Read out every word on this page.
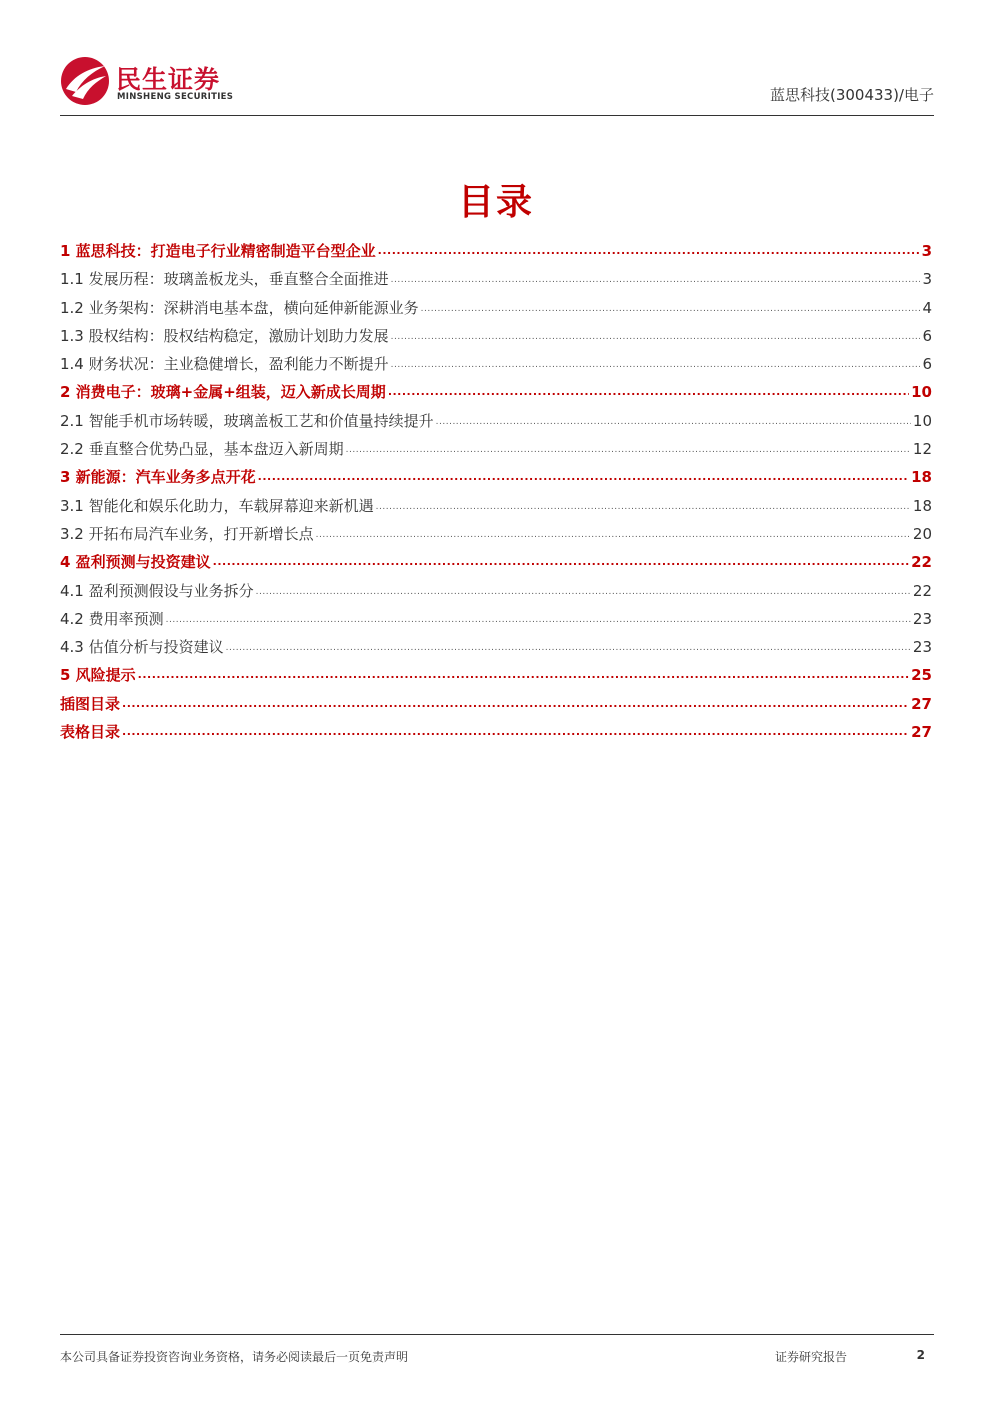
民生证券
MINSHENG SECURITIES	蓝思科技(300433)/电子
目录
1 蓝思科技：打造电子行业精密制造平台型企业 .....	3
1.1 发展历程：玻璃盖板龙头，垂直整合全面推进 .....	3
1.2 业务架构：深耕消电基本盘，横向延伸新能源业务 .....	4
1.3 股权结构：股权结构稳定，激励计划助力发展 .....	6
1.4 财务状况：主业稳健增长，盈利能力不断提升 .....	6
2 消费电子：玻璃+金属+组装，迈入新成长周期 .....	10
2.1 智能手机市场转暖，玻璃盖板工艺和价值量持续提升 .....	10
2.2 垂直整合优势凸显，基本盘迈入新周期 .....	12
3 新能源：汽车业务多点开花 .....	18
3.1 智能化和娱乐化助力，车载屏幕迎来新机遇 .....	18
3.2 开拓布局汽车业务，打开新增长点 .....	20
4 盈利预测与投资建议 .....	22
4.1 盈利预测假设与业务拆分 .....	22
4.2 费用率预测 .....	23
4.3 估值分析与投资建议 .....	23
5 风险提示 .....	25
插图目录 .....	27
表格目录 .....	27
本公司具备证券投资咨询业务资格，请务必阅读最后一页免责声明	证券研究报告	2
